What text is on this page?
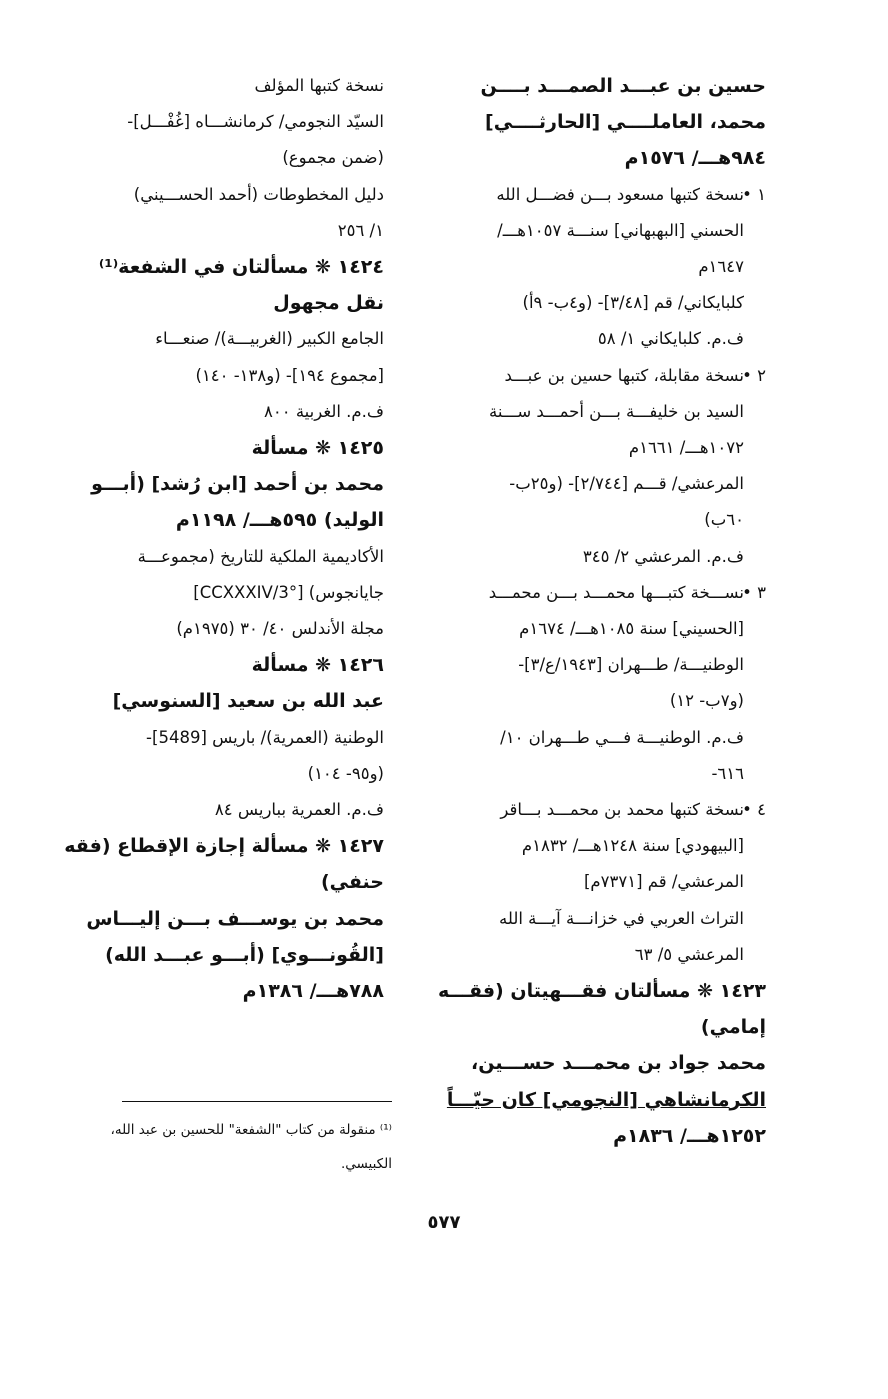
حسين بن عبـــد الصمـــد بــــن
محمد، العاملــــي [الحارثــــي]
٩٨٤هـــ/ ١٥٧٦م
١ •نسخة كتبها مسعود بـــن فضـــل الله
الحسني [البهبهاني] سنـــة ١٠٥٧هـــ/
١٦٤٧م
كلبايكاني/ قم [٣/٤٨]- (و٤ب- ٩أ)
ف.م. كلبايكاني ١/ ٥٨
٢ •نسخة مقابلة، كتبها حسين بن عبـــد
السيد بن خليفـــة بـــن أحمـــد ســـنة
١٠٧٢هـــ/ ١٦٦١م
المرعشي/ قـــم [٢/٧٤٤]- (و٢٥ب-
٦٠ب)
ف.م. المرعشي ٢/ ٣٤٥
٣ •نســـخة كتبـــها محمـــد بـــن محمـــد
[الحسيني] سنة ١٠٨٥هـــ/ ١٦٧٤م
الوطنيـــة/ طـــهران [١٩٤٣/ع/٣]-
(و٧ب- ١٢)
ف.م. الوطنيـــة فـــي طـــهران ١٠/
٦١٦-
٤ •نسخة كتبها محمد بن محمـــد بـــاقر
[البيهودي] سنة ١٢٤٨هـــ/ ١٨٣٢م
المرعشي/ قم [٧٣٧١م]
التراث العربي في خزانـــة آيـــة الله
المرعشي ٥/ ٦٣
١٤٢٣ ❋ مسألتان فقـــهيتان (فقـــه
إمامي)
محمد جواد بن محمـــد حســـين،
الكرمانشاهي [النجومي] كان حيّـــاً
١٢٥٢هـــ/ ١٨٣٦م
نسخة كتبها المؤلف
السيّد النجومي/ كرمانشـــاه [غُفْـــل]-
(ضمن مجموع)
دليل المخطوطات (أحمد الحســـيني)
١/ ٢٥٦
١٤٢٤ ❋ مسألتان في الشفعة⁽¹⁾
نقل مجهول
الجامع الكبير (الغربيـــة)/ صنعـــاء
[مجموع ١٩٤]- (و١٣٨- ١٤٠)
ف.م. الغربية ٨٠٠
١٤٢٥ ❋ مسألة
محمد بن أحمد [ابن رُشد] (أبـــو
الوليد) ٥٩٥هـــ/ ١١٩٨م
الأكاديمية الملكية للتاريخ (مجموعـــة
جايانجوس) [CCXXXIV/3°]
مجلة الأندلس ٤٠/ ٣٠ (١٩٧٥م)
١٤٢٦ ❋ مسألة
عبد الله بن سعيد [السنوسي]
الوطنية (العمرية)/ باريس [5489]-
(و٩٥- ١٠٤)
ف.م. العمرية بباريس ٨٤
١٤٢٧ ❋ مسألة إجازة الإقطاع (فقه
حنفي)
محمد بن يوســـف بـــن إليـــاس
[القُونـــوي] (أبـــو عبـــد الله)
٧٨٨هـــ/ ١٣٨٦م
⁽¹⁾ منقولة من كتاب "الشفعة" للحسين بن عبد الله، الكبيسي.
٥٧٧
